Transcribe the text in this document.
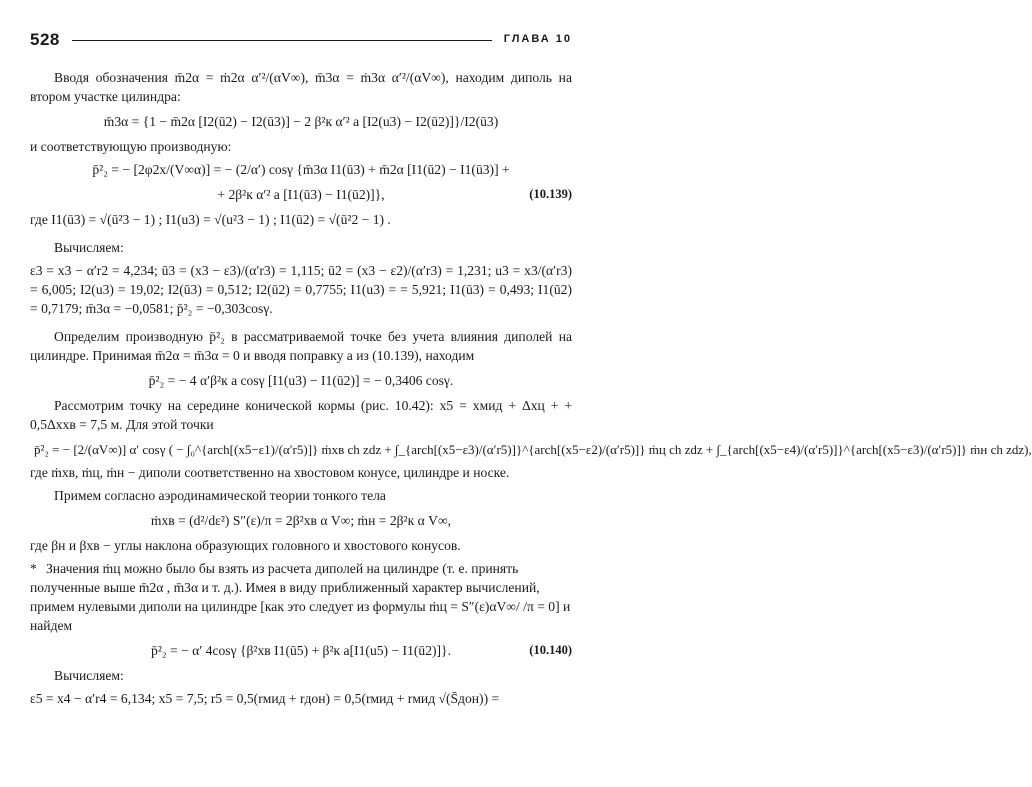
528	ГЛАВА 10

Вводя обозначения m̄2α = ṁ2α α′²/(αV∞), m̄3α = ṁ3α α′²/(αV∞), находим диполь на втором участке цилиндра:

m̄3α = {1 − m̄2α [I2(ū2) − I2(ū3)] − 2 β²к α′² a [I2(u3) − I2(ū2)]}/I2(ū3)

и соответствующую производную:

p̄²₂ = − [2φ2x/(V∞α)] = − (2/α′) cosγ {m̄3α I1(ū3) + m̄2α [I1(ū2) − I1(ū3)] +
+ 2β²к α′² a [I1(ū3) − I1(ū2)]},	(10.139)

где I1(ū3) = √(ū²3 − 1) ; I1(u3) = √(u²3 − 1) ; I1(ū2) = √(ū²2 − 1) .

Вычисляем:

ε3 = x3 − α′r2 = 4,234; ū3 = (x3 − ε3)/(α′r3) = 1,115; ū2 = (x3 − ε2)/(α′r3) = 1,231; u3 = x3/(α′r3) = 6,005; I2(u3) = 19,02; I2(ū3) = 0,512; I2(ū2) = 0,7755; I1(u3) = = 5,921; I1(ū3) = 0,493; I1(ū2) = 0,7179; m̄3α = −0,0581; p̄²₂ = −0,303cosγ.

Определим производную p̄²₂ в рассматриваемой точке без учета влияния диполей на цилиндре. Принимая m̄2α = m̄3α = 0 и вводя поправку a из (10.139), находим

p̄²₂ = − 4 α′β²к a cosγ [I1(u3) − I1(ū2)] = − 0,3406 cosγ.

Рассмотрим точку на середине конической кормы (рис. 10.42): x5 = xмид + Δxц + + 0,5Δxхв = 7,5 м. Для этой точки

p̄²₂ = − [2/(αV∞)] α′ cosγ ( − ∫₀^{arch[(x5−ε1)/(α′r5)]} ṁхв ch zdz + ∫_{arch[(x5−ε3)/(α′r5)]}^{arch[(x5−ε2)/(α′r5)]} ṁц ch zdz + ∫_{arch[(x5−ε4)/(α′r5)]}^{arch[(x5−ε3)/(α′r5)]} ṁн ch zdz),

где ṁхв, ṁц, ṁн − диполи соответственно на хвостовом конусе, цилиндре и носке.

Примем согласно аэродинамической теории тонкого тела

ṁхв = (d²/dε²) S″(ε)/π = 2β²хв α V∞; ṁн = 2β²к α V∞,

где βн и βхв − углы наклона образующих головного и хвостового конусов.

* Значения ṁц можно было бы взять из расчета диполей на цилиндре (т. е. принять полученные выше m̄2α , m̄3α и т. д.). Имея в виду приближенный характер вычислений, примем нулевыми диполи на цилиндре [как это следует из формулы ṁц = S″(ε)αV∞/ /π = 0] и найдем

p̄²₂ = − α′ 4cosγ {β²хв I1(ū5) + β²к a[I1(u5) − I1(ū2)]}.	(10.140)

Вычисляем:

ε5 = x4 − α′r4 = 6,134; x5 = 7,5; r5 = 0,5(rмид + rдон) = 0,5(rмид + rмид √(S̄дон)) =
